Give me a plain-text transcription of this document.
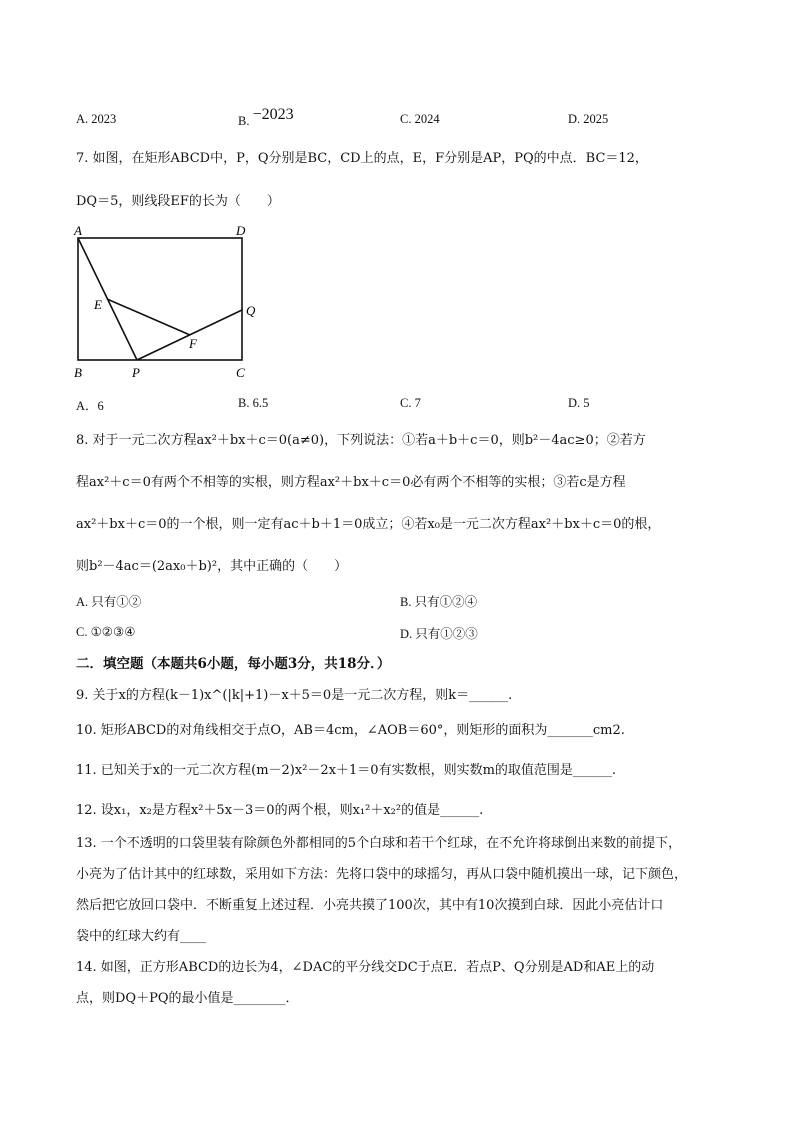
A. 2023	B. −2023	C. 2024	D. 2025
7. 如图，在矩形ABCD中，P，Q分别是BC，CD上的点，E，F分别是AP，PQ的中点．BC＝12，
DQ＝5，则线段EF的长为（　　）
A	D
E	Q
F
B	P	C
A．6	B. 6.5	C. 7	D. 5
8. 对于一元二次方程ax²＋bx＋c＝0(a≠0)，下列说法：①若a＋b＋c＝0，则b²－4ac≥0；②若方
程ax²＋c＝0有两个不相等的实根，则方程ax²＋bx＋c＝0必有两个不相等的实根；③若c是方程
ax²＋bx＋c＝0的一个根，则一定有ac＋b＋1＝0成立；④若x₀是一元二次方程ax²＋bx＋c＝0的根，
则b²－4ac＝(2ax₀＋b)²，其中正确的（　　）
A. 只有①②	B. 只有①②④
C. ①②③④	D. 只有①②③
二．填空题（本题共6小题，每小题3分，共18分．）
9. 关于x的方程(k－1)x^(|k|+1)－x＋5＝0是一元二次方程，则k＝______.
10. 矩形ABCD的对角线相交于点O，AB＝4cm，∠AOB＝60°，则矩形的面积为_______cm2.
11. 已知关于x的一元二次方程(m－2)x²－2x＋1＝0有实数根，则实数m的取值范围是______.
12. 设x₁，x₂是方程x²＋5x－3＝0的两个根，则x₁²＋x₂²的值是______.
13. 一个不透明的口袋里装有除颜色外都相同的5个白球和若干个红球，在不允许将球倒出来数的前提下，
小亮为了估计其中的红球数，采用如下方法：先将口袋中的球摇匀，再从口袋中随机摸出一球，记下颜色，
然后把它放回口袋中．不断重复上述过程．小亮共摸了100次，其中有10次摸到白球．因此小亮估计口
袋中的红球大约有____
14. 如图，正方形ABCD的边长为4，∠DAC的平分线交DC于点E．若点P、Q分别是AD和AE上的动
点，则DQ＋PQ的最小值是________．
